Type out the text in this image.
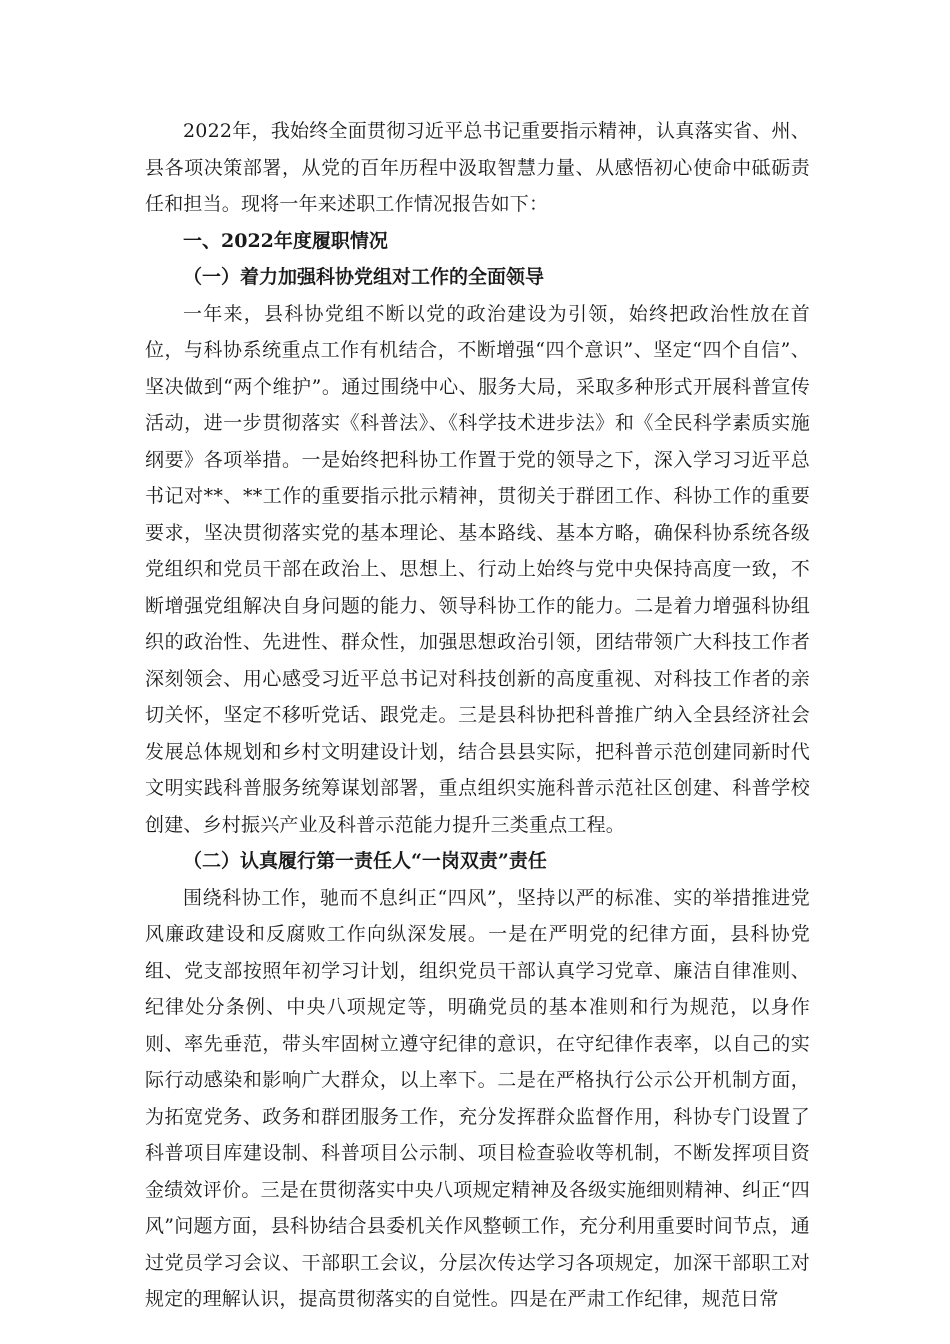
2022年，我始终全面贯彻习近平总书记重要指示精神，认真落实省、州、县各项决策部署，从党的百年历程中汲取智慧力量、从感悟初心使命中砥砺责任和担当。现将一年来述职工作情况报告如下：

一、2022年度履职情况

（一）着力加强科协党组对工作的全面领导

一年来，县科协党组不断以党的政治建设为引领，始终把政治性放在首位，与科协系统重点工作有机结合，不断增强“四个意识”、坚定“四个自信”、坚决做到“两个维护”。通过围绕中心、服务大局，采取多种形式开展科普宣传活动，进一步贯彻落实《科普法》、《科学技术进步法》和《全民科学素质实施纲要》各项举措。一是始终把科协工作置于党的领导之下，深入学习习近平总书记对**、**工作的重要指示批示精神，贯彻关于群团工作、科协工作的重要要求，坚决贯彻落实党的基本理论、基本路线、基本方略，确保科协系统各级党组织和党员干部在政治上、思想上、行动上始终与党中央保持高度一致，不断增强党组解决自身问题的能力、领导科协工作的能力。二是着力增强科协组织的政治性、先进性、群众性，加强思想政治引领，团结带领广大科技工作者深刻领会、用心感受习近平总书记对科技创新的高度重视、对科技工作者的亲切关怀，坚定不移听党话、跟党走。三是县科协把科普推广纳入全县经济社会发展总体规划和乡村文明建设计划，结合县县实际，把科普示范创建同新时代文明实践科普服务统筹谋划部署，重点组织实施科普示范社区创建、科普学校创建、乡村振兴产业及科普示范能力提升三类重点工程。

（二）认真履行第一责任人“一岗双责”责任

围绕科协工作，驰而不息纠正“四风”，坚持以严的标准、实的举措推进党风廉政建设和反腐败工作向纵深发展。一是在严明党的纪律方面，县科协党组、党支部按照年初学习计划，组织党员干部认真学习党章、廉洁自律准则、纪律处分条例、中央八项规定等，明确党员的基本准则和行为规范，以身作则、率先垂范，带头牢固树立遵守纪律的意识，在守纪律作表率，以自己的实际行动感染和影响广大群众，以上率下。二是在严格执行公示公开机制方面，为拓宽党务、政务和群团服务工作，充分发挥群众监督作用，科协专门设置了科普项目库建设制、科普项目公示制、项目检查验收等机制，不断发挥项目资金绩效评价。三是在贯彻落实中央八项规定精神及各级实施细则精神、纠正“四风”问题方面，县科协结合县委机关作风整顿工作，充分利用重要时间节点，通过党员学习会议、干部职工会议，分层次传达学习各项规定，加深干部职工对规定的理解认识，提高贯彻落实的自觉性。四是在严肃工作纪律，规范日常
